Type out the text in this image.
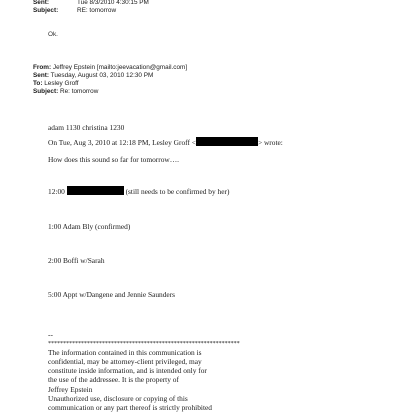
Sent:	Tue 8/3/2010 4:30:15 PM
Subject:	RE: tomorrow
Ok.
From: Jeffrey Epstein [mailto:jeevacation@gmail.com]
Sent: Tuesday, August 03, 2010 12:30 PM
To: Lesley Groff
Subject: Re: tomorrow
adam 1130 christina 1230
On Tue, Aug 3, 2010 at 12:18 PM, Lesley Groff <	> wrote:
How does this sound so far for tomorrow….
12:00	(still needs to be confirmed by her)
1:00 Adam Bly (confirmed)
2:00 Boffi w/Sarah
5:00 Appt w/Dangene and Jennie Saunders
--
****************************************************************
The information contained in this communication is
confidential, may be attorney-client privileged, may
constitute inside information, and is intended only for
the use of the addressee. It is the property of
Jeffrey Epstein
Unauthorized use, disclosure or copying of this
communication or any part thereof is strictly prohibited
